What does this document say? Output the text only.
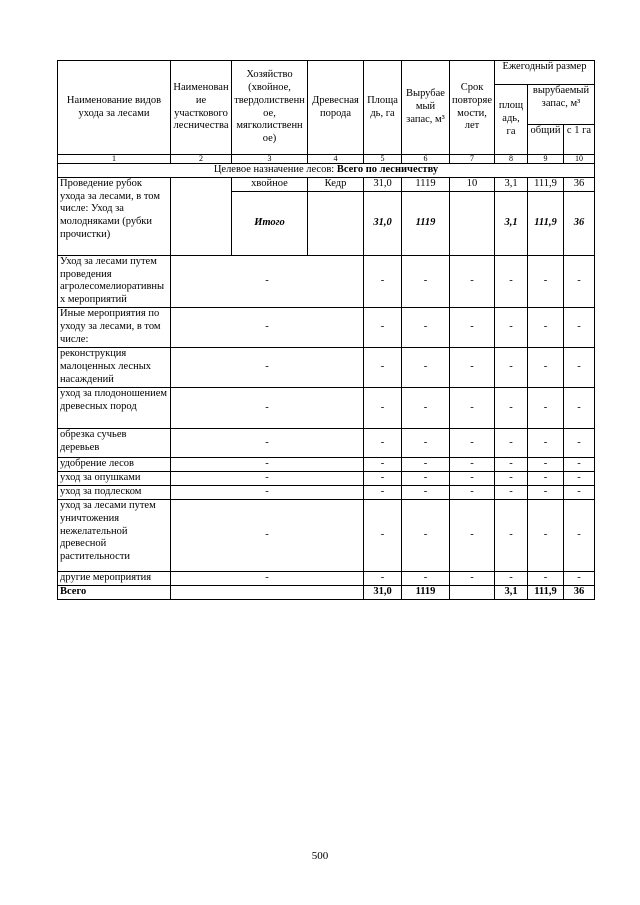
Наименование видов ухода за лесами	Наименование участкового лесничества	Хозяйство (хвойное, твердолиственное, мягколиственное)	Древесная порода	Площадь, га	Вырубаемый запас, м³	Срок повторяемости, лет	Ежегодный размер		
							площадь, га	вырубаемый запас, м³	
								общий	с 1 га
1	2	3	4	5	6	7	8	9	10
Целевое назначение лесов: Всего по лесничеству									
Проведение рубок ухода за лесами, в том числе: Уход за молодняками (рубки прочистки)		хвойное	Кедр	31,0	1119	10	3,1	111,9	36
		Итого		31,0	1119		3,1	111,9	36
Уход за лесами путем проведения агролесомелиоративных мероприятий	-			-	-	-	-	-	-
Иные мероприятия по уходу за лесами, в том числе:	-			-	-	-	-	-	-
реконструкция малоценных лесных насаждений	-			-	-	-	-	-	-
уход за плодоношением древесных пород	-			-	-	-	-	-	-
обрезка сучьев деревьев	-			-	-	-	-	-	-
удобрение лесов	-			-	-	-	-	-	-
уход за опушками	-			-	-	-	-	-	-
уход за подлеском	-			-	-	-	-	-	-
уход за лесами путем уничтожения нежелательной древесной растительности	-			-	-	-	-	-	-
другие мероприятия	-			-	-	-	-	-	-
Всего				31,0	1119		3,1	111,9	36
500
